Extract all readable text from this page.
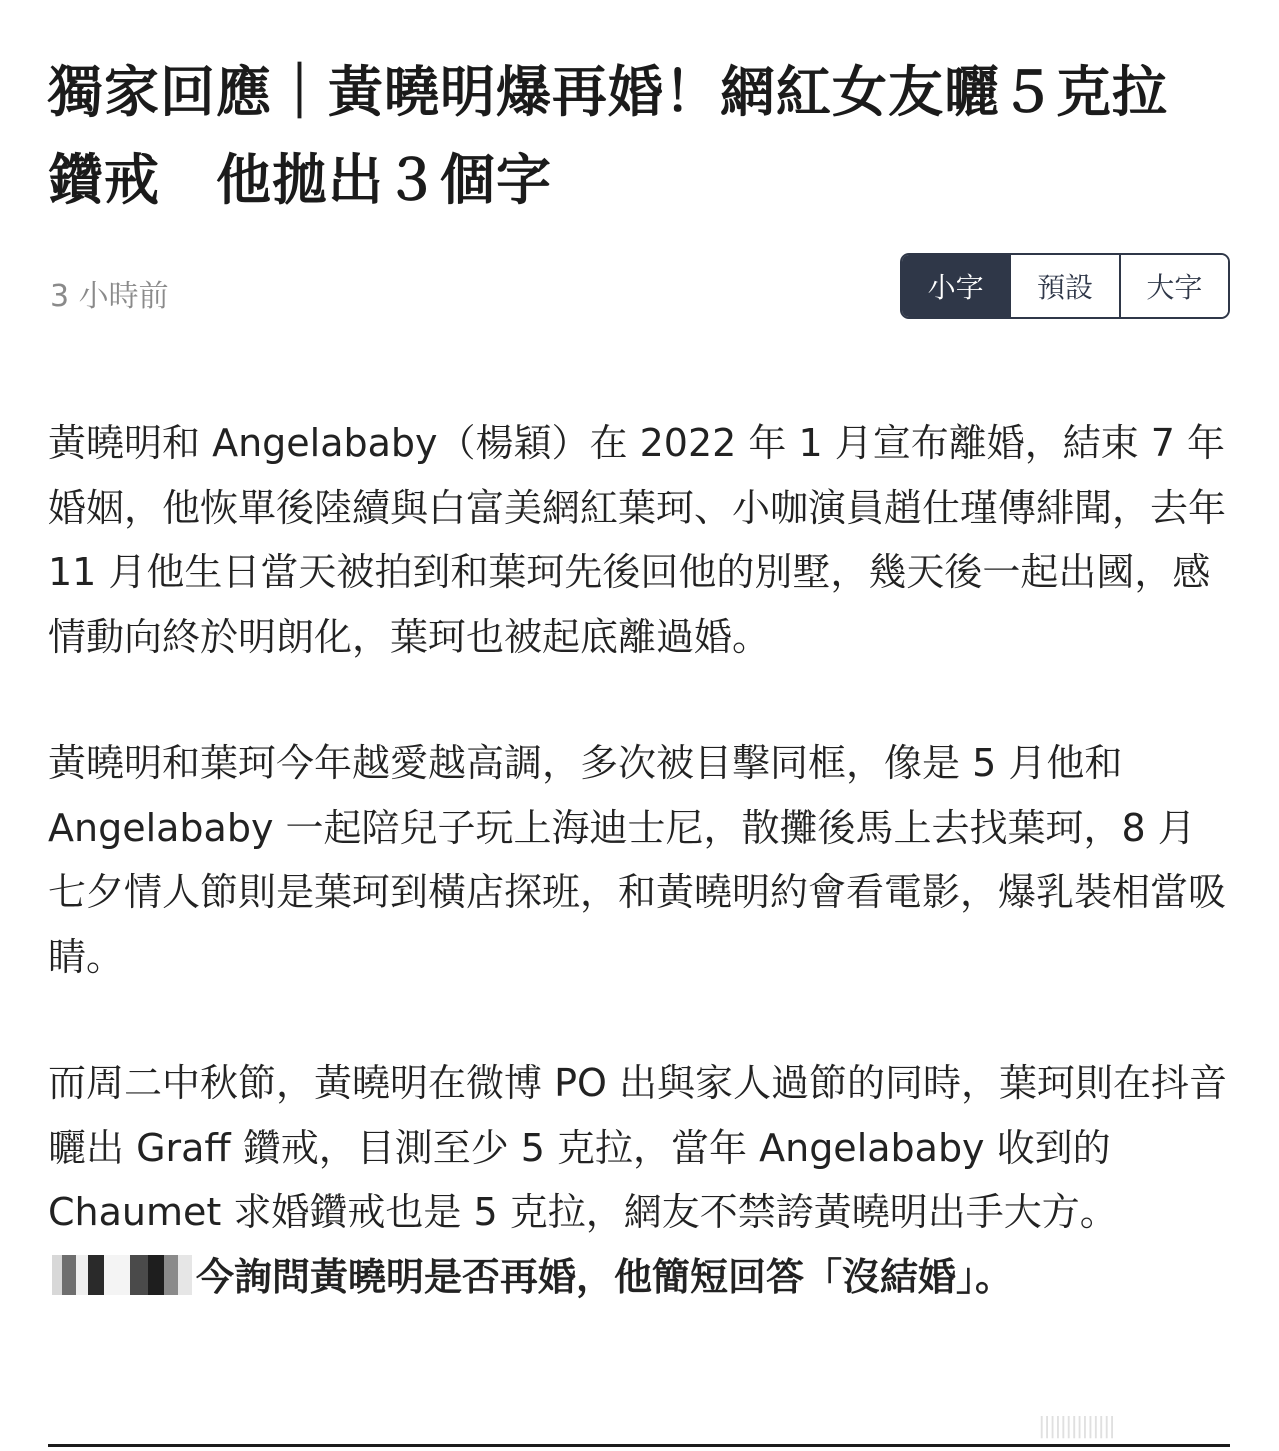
獨家回應｜黃曉明爆再婚！網紅女友曬５克拉
鑽戒　他拋出３個字
3 小時前	小字	預設	大字

黃曉明和 Angelababy（楊穎）在 2022 年 1 月宣布離婚，結束 7 年婚姻，他恢單後陸續與白富美網紅葉珂、小咖演員趙仕瑾傳緋聞，去年 11 月他生日當天被拍到和葉珂先後回他的別墅，幾天後一起出國，感情動向終於明朗化，葉珂也被起底離過婚。

黃曉明和葉珂今年越愛越高調，多次被目擊同框，像是 5 月他和 Angelababy 一起陪兒子玩上海迪士尼，散攤後馬上去找葉珂，8 月七夕情人節則是葉珂到橫店探班，和黃曉明約會看電影，爆乳裝相當吸睛。

而周二中秋節，黃曉明在微博 PO 出與家人過節的同時，葉珂則在抖音曬出 Graff 鑽戒，目測至少 5 克拉，當年 Angelababy 收到的 Chaumet 求婚鑽戒也是 5 克拉，網友不禁誇黃曉明出手大方。今詢問黃曉明是否再婚，他簡短回答「沒結婚」。

||||||||||||||
